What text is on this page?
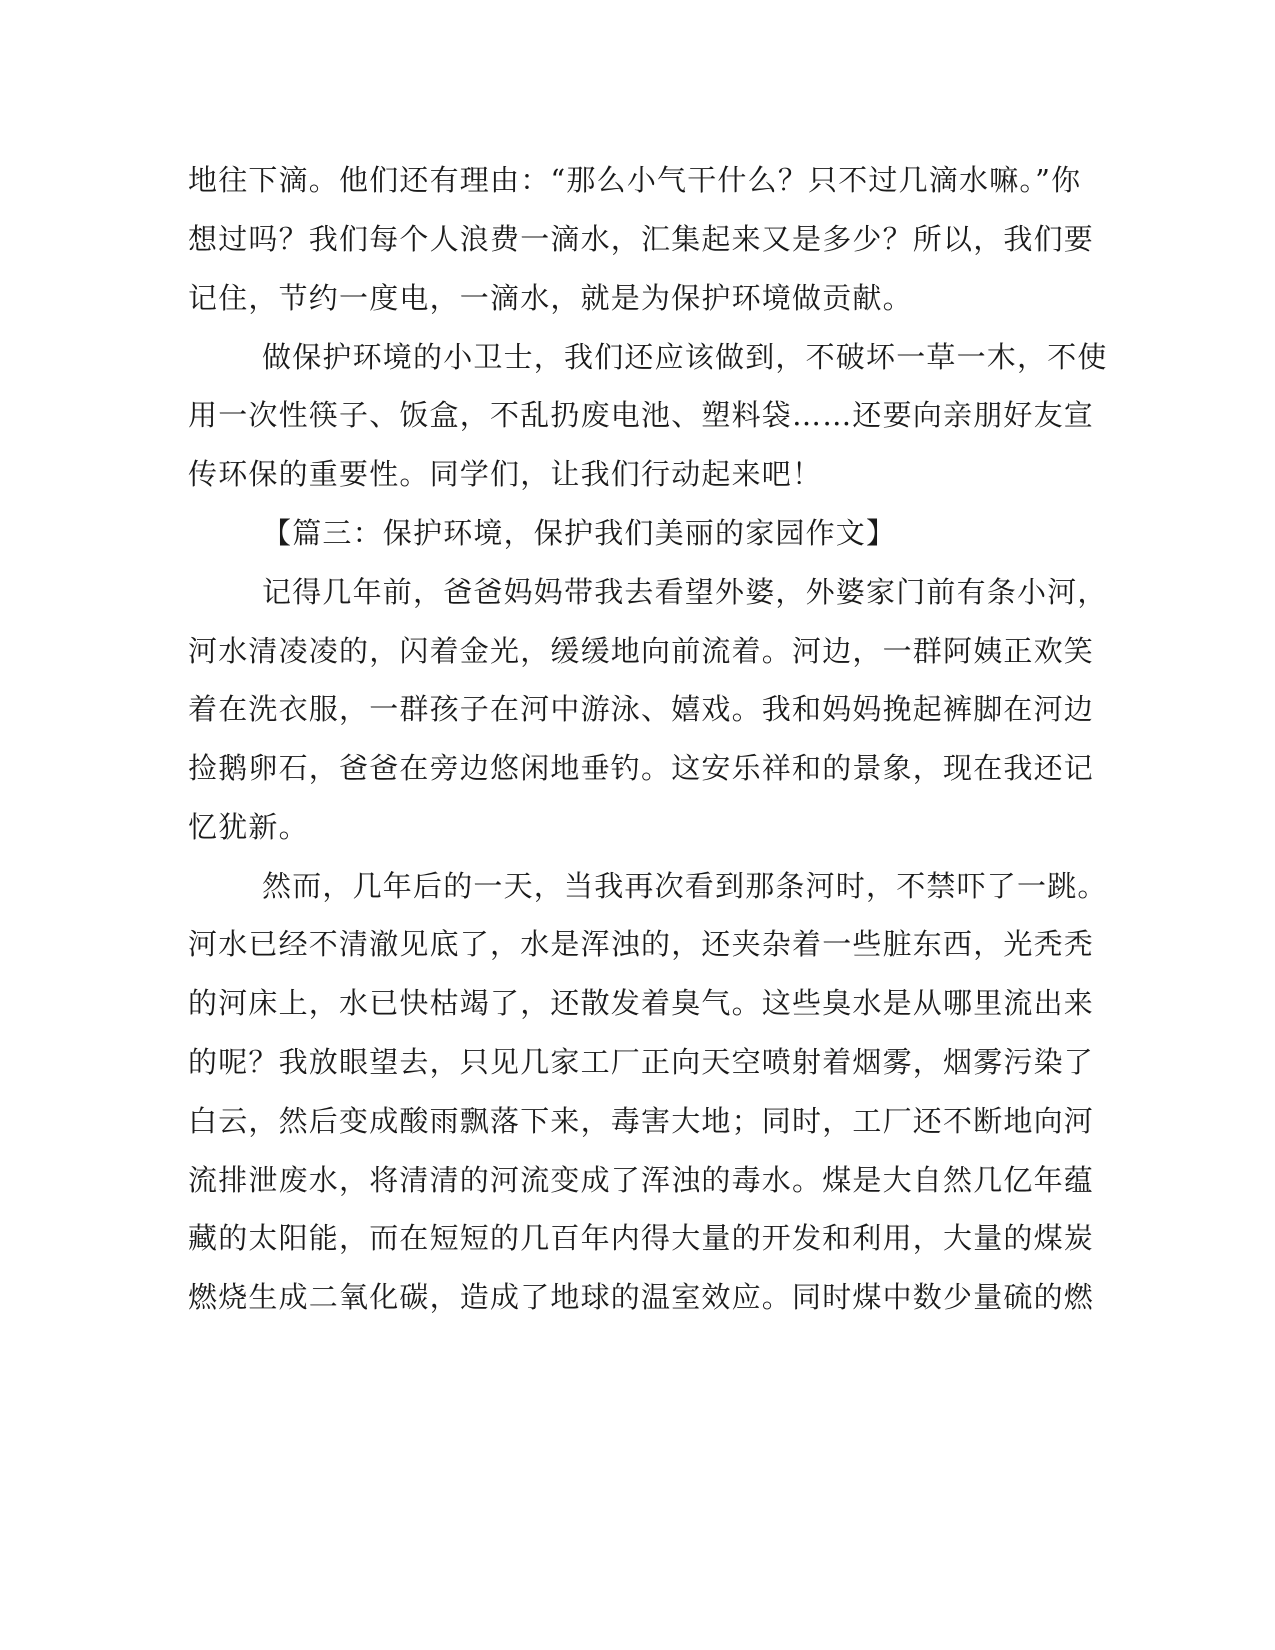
地往下滴。他们还有理由：“那么小气干什么？只不过几滴水嘛。”你
想过吗？我们每个人浪费一滴水，汇集起来又是多少？所以，我们要
记住，节约一度电，一滴水，就是为保护环境做贡献。
做保护环境的小卫士，我们还应该做到，不破坏一草一木，不使
用一次性筷子、饭盒，不乱扔废电池、塑料袋……还要向亲朋好友宣
传环保的重要性。同学们，让我们行动起来吧！
【篇三：保护环境，保护我们美丽的家园作文】
记得几年前，爸爸妈妈带我去看望外婆，外婆家门前有条小河，
河水清凌凌的，闪着金光，缓缓地向前流着。河边，一群阿姨正欢笑
着在洗衣服，一群孩子在河中游泳、嬉戏。我和妈妈挽起裤脚在河边
捡鹅卵石，爸爸在旁边悠闲地垂钓。这安乐祥和的景象，现在我还记
忆犹新。
然而，几年后的一天，当我再次看到那条河时，不禁吓了一跳。
河水已经不清澈见底了，水是浑浊的，还夹杂着一些脏东西，光秃秃
的河床上，水已快枯竭了，还散发着臭气。这些臭水是从哪里流出来
的呢？我放眼望去，只见几家工厂正向天空喷射着烟雾，烟雾污染了
白云，然后变成酸雨飘落下来，毒害大地；同时，工厂还不断地向河
流排泄废水，将清清的河流变成了浑浊的毒水。煤是大自然几亿年蕴
藏的太阳能，而在短短的几百年内得大量的开发和利用，大量的煤炭
燃烧生成二氧化碳，造成了地球的温室效应。同时煤中数少量硫的燃
